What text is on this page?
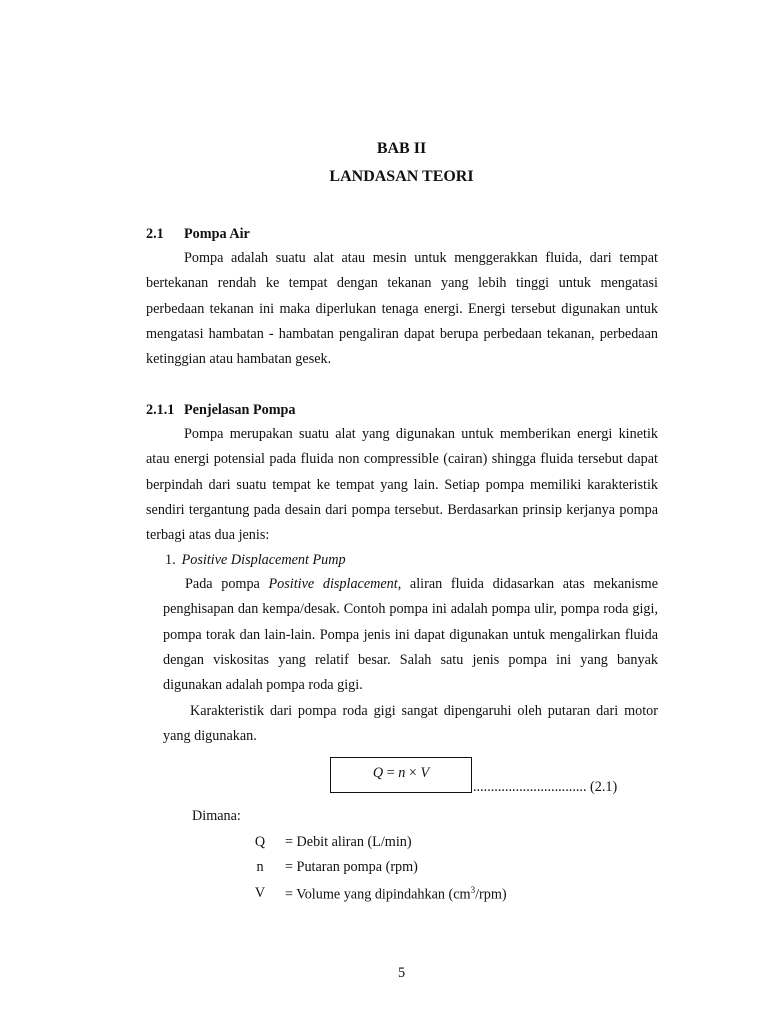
BAB II
LANDASAN TEORI
2.1 Pompa Air

Pompa adalah suatu alat atau mesin untuk menggerakkan fluida, dari tempat bertekanan rendah ke tempat dengan tekanan yang lebih tinggi untuk mengatasi perbedaan tekanan ini maka diperlukan tenaga energi. Energi tersebut digunakan untuk mengatasi hambatan - hambatan pengaliran dapat berupa perbedaan tekanan, perbedaan ketinggian atau hambatan gesek.

2.1.1 Penjelasan Pompa

Pompa merupakan suatu alat yang digunakan untuk memberikan energi kinetik atau energi potensial pada fluida non compressible (cairan) shingga fluida tersebut dapat berpindah dari suatu tempat ke tempat yang lain. Setiap pompa memiliki karakteristik sendiri tergantung pada desain dari pompa tersebut. Berdasarkan prinsip kerjanya pompa terbagi atas dua jenis:

1. Positive Displacement Pump

Pada pompa Positive displacement, aliran fluida didasarkan atas mekanisme penghisapan dan kempa/desak. Contoh pompa ini adalah pompa ulir, pompa roda gigi, pompa torak dan lain-lain. Pompa jenis ini dapat digunakan untuk mengalirkan fluida dengan viskositas yang relatif besar. Salah satu jenis pompa ini yang banyak digunakan adalah pompa roda gigi.

Karakteristik dari pompa roda gigi sangat dipengaruhi oleh putaran dari motor yang digunakan.

Q = n × V
................................ (2.1)
Dimana:
Q	= Debit aliran (L/min)
n	= Putaran pompa (rpm)
V	= Volume yang dipindahkan $(cm^3/rpm)$
5
